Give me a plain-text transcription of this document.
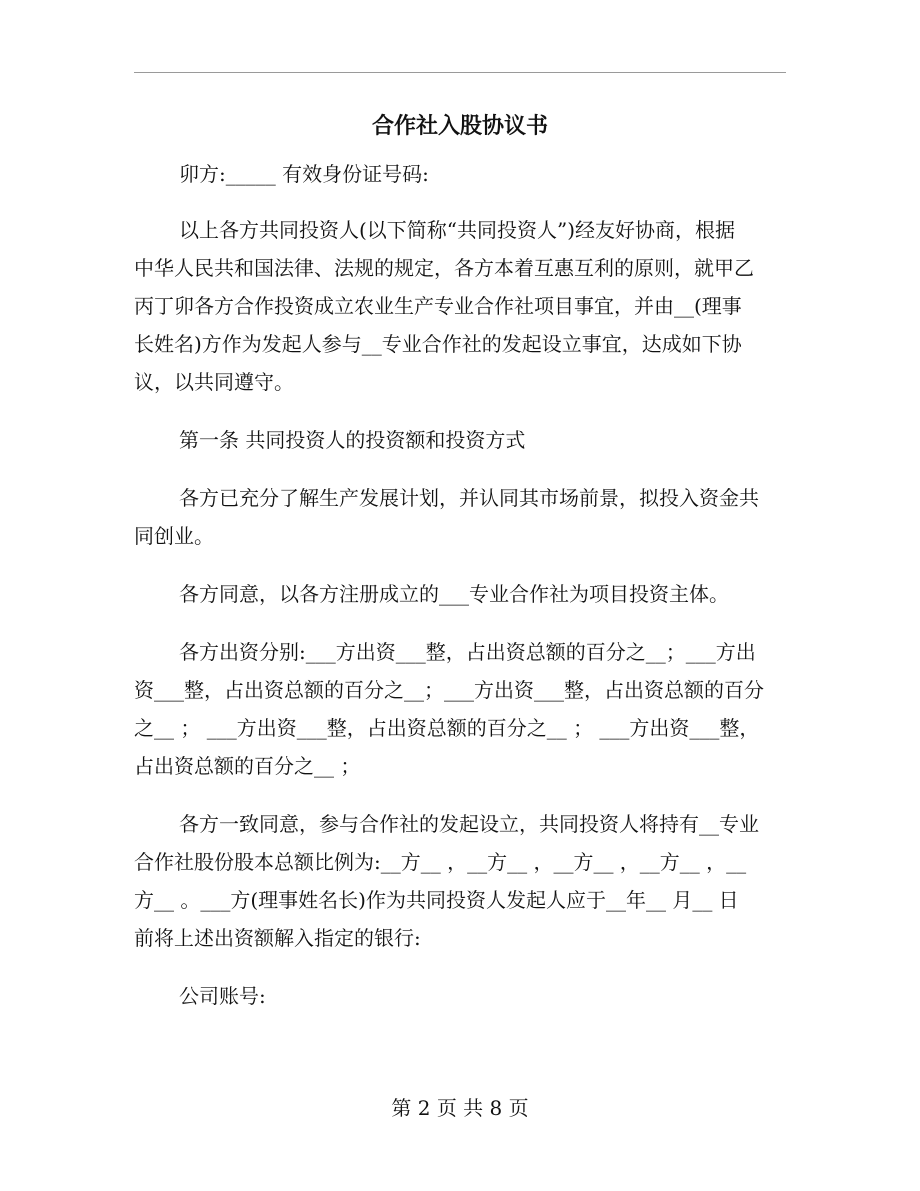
合作社入股协议书

卯方:_____ 有效身份证号码:

以上各方共同投资人(以下简称“共同投资人”)经友好协商，根据

中华人民共和国法律、法规的规定，各方本着互惠互利的原则，就甲乙

丙丁卯各方合作投资成立农业生产专业合作社项目事宜，并由__(理事

长姓名)方作为发起人参与__专业合作社的发起设立事宜，达成如下协

议，以共同遵守。

第一条 共同投资人的投资额和投资方式

各方已充分了解生产发展计划，并认同其市场前景，拟投入资金共

同创业。

各方同意，以各方注册成立的___专业合作社为项目投资主体。

各方出资分别:___方出资___整，占出资总额的百分之__；___方出

资___整，占出资总额的百分之__；___方出资___整，占出资总额的百分

之__ ； ___方出资___整，占出资总额的百分之__ ； ___方出资___整，

占出资总额的百分之__ ；

各方一致同意，参与合作社的发起设立，共同投资人将持有__专业

合作社股份股本总额比例为:__方__ ，__方__ ，__方__ ，__方__ ，__

方__ 。___方(理事姓名长)作为共同投资人发起人应于__年__ 月__ 日

前将上述出资额解入指定的银行:

公司账号:

第 2 页 共 8 页
